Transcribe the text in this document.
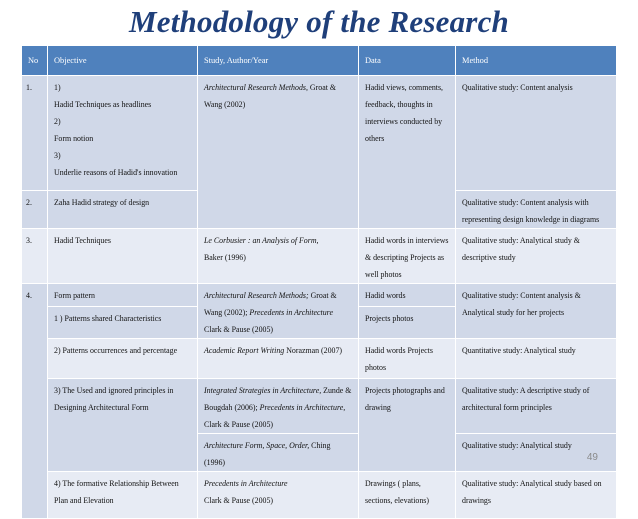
Methodology of the Research
No	Objective	Study, Author/Year	Data	Method
1.	1)Hadid Techniques as headlines
2)Form notion
3)Underlie reasons of Hadid's innovation	Architectural Research Methods, Groat & Wang (2002)	Hadid views, comments, feedback, thoughts in interviews conducted by others	Qualitative study: Content analysis
2.	Zaha Hadid strategy of design			Qualitative study: Content analysis with representing design knowledge in diagrams
3.	Hadid Techniques	Le Corbusier : an Analysis of Form,
Baker (1996)	Hadid words in interviews & descripting Projects as well photos	Qualitative study: Analytical study & descriptive study
4.	Form pattern	Architectural Research Methods; Groat & Wang (2002); Precedents in Architecture Clark & Pause (2005)	Hadid words	Qualitative study: Content analysis & Analytical study for her projects
	1 ) Patterns shared Characteristics		Projects photos	
	2) Patterns occurrences and percentage	Academic Report Writing Norazman (2007)	Hadid words Projects photos	Quantitative study: Analytical study
	3) The Used and ignored principles in Designing Architectural Form	Integrated Strategies in Architecture, Zunde & Bougdah (2006); Precedents in Architecture, Clark & Pause (2005)	Projects photographs and drawing	Qualitative study: A descriptive study of architectural form principles
		Architecture Form, Space, Order, Ching (1996)		Qualitative study: Analytical study
	4) The formative Relationship Between Plan and Elevation	Precedents in Architecture
Clark & Pause (2005)	Drawings ( plans, sections, elevations)	Qualitative study: Analytical study based on drawings
49
